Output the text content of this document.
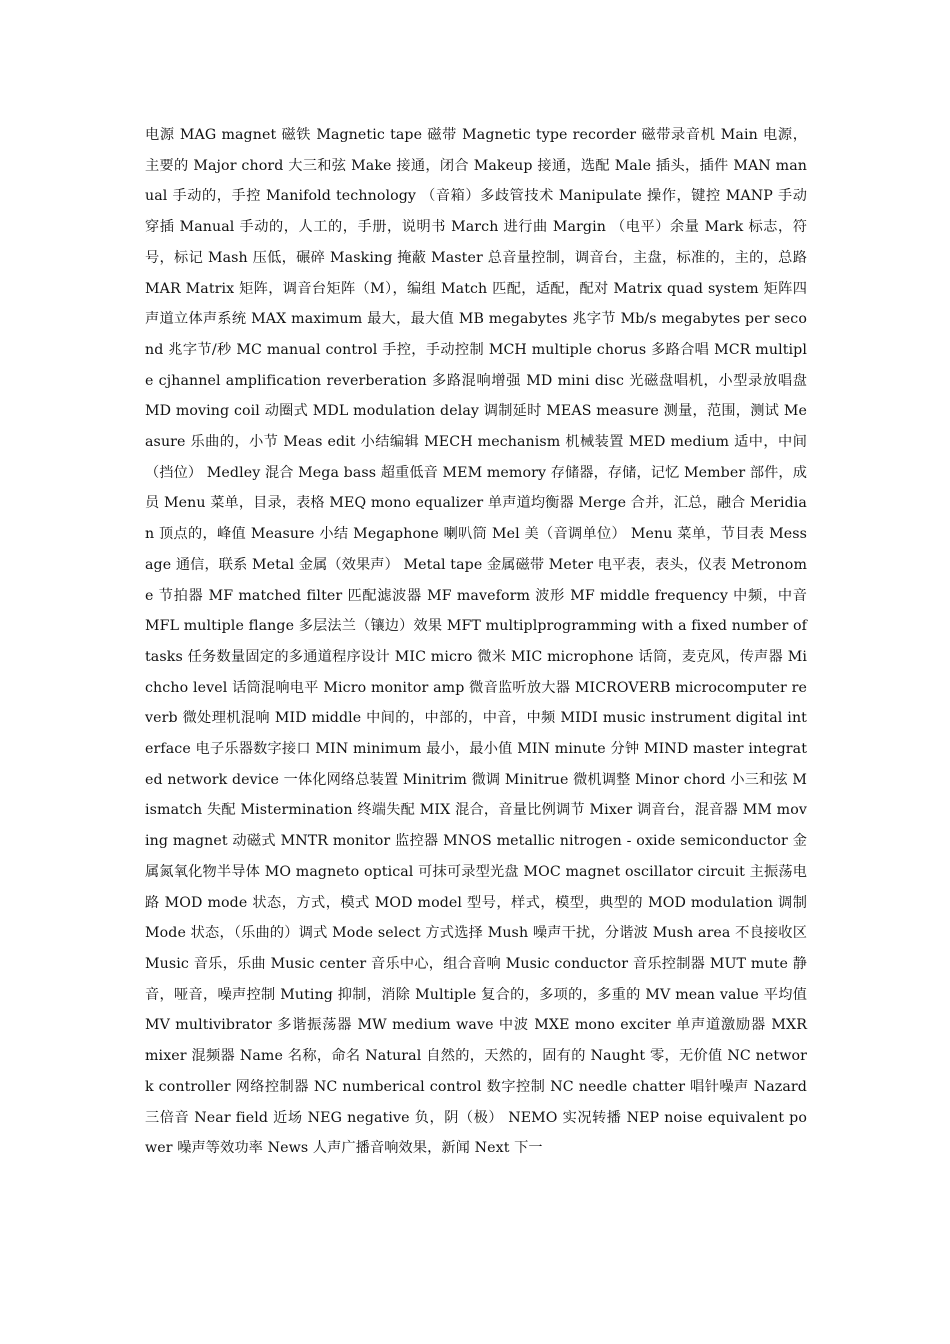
电源 MAG magnet 磁铁 Magnetic tape 磁带 Magnetic type recorder 磁带录音机 Main 电源，主要的 Major chord 大三和弦 Make 接通，闭合 Makeup 接通，选配 Male 插头，插件 MAN manual 手动的，手控 Manifold technology （音箱）多歧管技术 Manipulate 操作，键控 MANP 手动穿插 Manual 手动的，人工的，手册，说明书 March 进行曲 Margin （电平）余量 Mark 标志，符号，标记 Mash 压低，碾碎 Masking 掩蔽 Master 总音量控制，调音台，主盘，标准的，主的，总路 MAR Matrix 矩阵，调音台矩阵（M），编组 Match 匹配，适配，配对 Matrix quad system 矩阵四声道立体声系统 MAX maximum 最大，最大值 MB megabytes 兆字节 Mb/s megabytes per second 兆字节/秒 MC manual control 手控，手动控制 MCH multiple chorus 多路合唱 MCR multiple cjhannel amplification reverberation 多路混响增强 MD mini disc 光磁盘唱机，小型录放唱盘 MD moving coil 动圈式 MDL modulation delay 调制延时 MEAS measure 测量，范围，测试 Measure 乐曲的，小节 Meas edit 小结编辑 MECH mechanism 机械装置 MED medium 适中，中间（挡位） Medley 混合 Mega bass 超重低音 MEM memory 存储器，存储，记忆 Member 部件，成员 Menu 菜单，目录，表格 MEQ mono equalizer 单声道均衡器 Merge 合并，汇总，融合 Meridian 顶点的，峰值 Measure 小结 Megaphone 喇叭筒 Mel 美（音调单位） Menu 菜单，节目表 Message 通信，联系 Metal 金属（效果声） Metal tape 金属磁带 Meter 电平表，表头，仪表 Metronome 节拍器 MF matched filter 匹配滤波器 MF maveform 波形 MF middle frequency 中频，中音 MFL multiple flange 多层法兰（镶边）效果 MFT multiplprogramming with a fixed number of tasks 任务数量固定的多通道程序设计 MIC micro 微米 MIC microphone 话筒，麦克风，传声器 Michcho level 话筒混响电平 Micro monitor amp 微音监听放大器 MICROVERB microcomputer reverb 微处理机混响 MID middle 中间的，中部的，中音，中频 MIDI music instrument digital interface 电子乐器数字接口 MIN minimum 最小，最小值 MIN minute 分钟 MIND master integrated network device 一体化网络总装置 Minitrim 微调 Minitrue 微机调整 Minor chord 小三和弦 Mismatch 失配 Mistermination 终端失配 MIX 混合，音量比例调节 Mixer 调音台，混音器 MM moving magnet 动磁式 MNTR monitor 监控器 MNOS metallic nitrogen - oxide semiconductor 金属氮氧化物半导体 MO magneto optical 可抹可录型光盘 MOC magnet oscillator circuit 主振荡电路 MOD mode 状态，方式，模式 MOD model 型号，样式，模型，典型的 MOD modulation 调制 Mode 状态，（乐曲的）调式 Mode select 方式选择 Mush 噪声干扰，分谐波 Mush area 不良接收区 Music 音乐，乐曲 Music center 音乐中心，组合音响 Music conductor 音乐控制器 MUT mute 静音，哑音，噪声控制 Muting 抑制，消除 Multiple 复合的，多项的，多重的 MV mean value 平均值 MV multivibrator 多谐振荡器 MW medium wave 中波 MXE mono exciter 单声道激励器 MXR mixer 混频器 Name 名称，命名 Natural 自然的，天然的，固有的 Naught 零，无价值 NC network controller 网络控制器 NC numberical control 数字控制 NC needle chatter 唱针噪声 Nazard 三倍音 Near field 近场 NEG negative 负，阴（极） NEMO 实况转播 NEP noise equivalent power 噪声等效功率 News 人声广播音响效果，新闻 Next 下一
